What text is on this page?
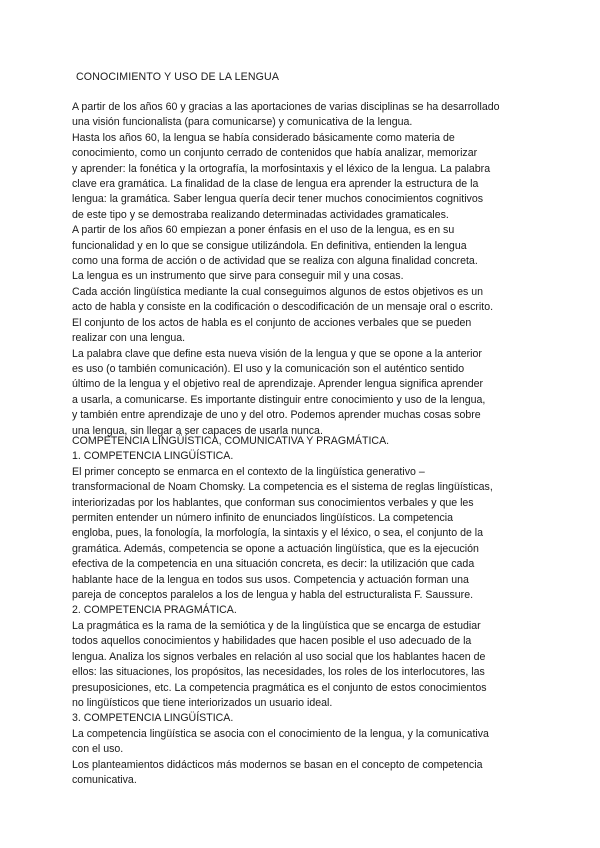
CONOCIMIENTO Y USO DE LA LENGUA

A partir de los años 60 y gracias a las aportaciones de varias disciplinas se ha desarrollado

una visión funcionalista (para comunicarse) y comunicativa de la lengua.

Hasta los años 60, la lengua se había considerado básicamente como materia de

conocimiento, como un conjunto cerrado de contenidos que había analizar, memorizar

y aprender: la fonética y la ortografía, la morfosintaxis y el léxico de la lengua. La palabra

clave era gramática. La finalidad de la clase de lengua era aprender la estructura de la

lengua: la gramática. Saber lengua quería decir tener muchos conocimientos cognitivos

de este tipo y se demostraba realizando determinadas actividades gramaticales.

A partir de los años 60 empiezan a poner énfasis en el uso de la lengua, es en su

funcionalidad y en lo que se consigue utilizándola. En definitiva, entienden la lengua

como una forma de acción o de actividad que se realiza con alguna finalidad concreta.

La lengua es un instrumento que sirve para conseguir mil y una cosas.

Cada acción lingüística mediante la cual conseguimos algunos de estos objetivos es un

acto de habla y consiste en la codificación o descodificación de un mensaje oral o escrito.

El conjunto de los actos de habla es el conjunto de acciones verbales que se pueden

realizar con una lengua.

La palabra clave que define esta nueva visión de la lengua y que se opone a la anterior

es uso (o también comunicación). El uso y la comunicación son el auténtico sentido

último de la lengua y el objetivo real de aprendizaje. Aprender lengua significa aprender

a usarla, a comunicarse. Es importante distinguir entre conocimiento y uso de la lengua,

y también entre aprendizaje de uno y del otro. Podemos aprender muchas cosas sobre

una lengua, sin llegar a ser capaces de usarla nunca.

COMPETENCIA LINGÜÍSTICA, COMUNICATIVA Y PRAGMÁTICA.

1. COMPETENCIA LINGÜÍSTICA.

El primer concepto se enmarca en el contexto de la lingüística generativo –

transformacional de Noam Chomsky. La competencia es el sistema de reglas lingüísticas,

interiorizadas por los hablantes, que conforman sus conocimientos verbales y que les

permiten entender un número infinito de enunciados lingüísticos. La competencia

engloba, pues, la fonología, la morfología, la sintaxis y el léxico, o sea, el conjunto de la

gramática. Además, competencia se opone a actuación lingüística, que es la ejecución

efectiva de la competencia en una situación concreta, es decir: la utilización que cada

hablante hace de la lengua en todos sus usos. Competencia y actuación forman una

pareja de conceptos paralelos a los de lengua y habla del estructuralista F. Saussure.

2. COMPETENCIA PRAGMÁTICA.

La pragmática es la rama de la semiótica y de la lingüística que se encarga de estudiar

todos aquellos conocimientos y habilidades que hacen posible el uso adecuado de la

lengua. Analiza los signos verbales en relación al uso social que los hablantes hacen de

ellos: las situaciones, los propósitos, las necesidades, los roles de los interlocutores, las

presuposiciones, etc. La competencia pragmática es el conjunto de estos conocimientos

no lingüísticos que tiene interiorizados un usuario ideal.

3. COMPETENCIA LINGÜÍSTICA.

La competencia lingüística se asocia con el conocimiento de la lengua, y la comunicativa

con el uso.

Los planteamientos didácticos más modernos se basan en el concepto de competencia

comunicativa.
